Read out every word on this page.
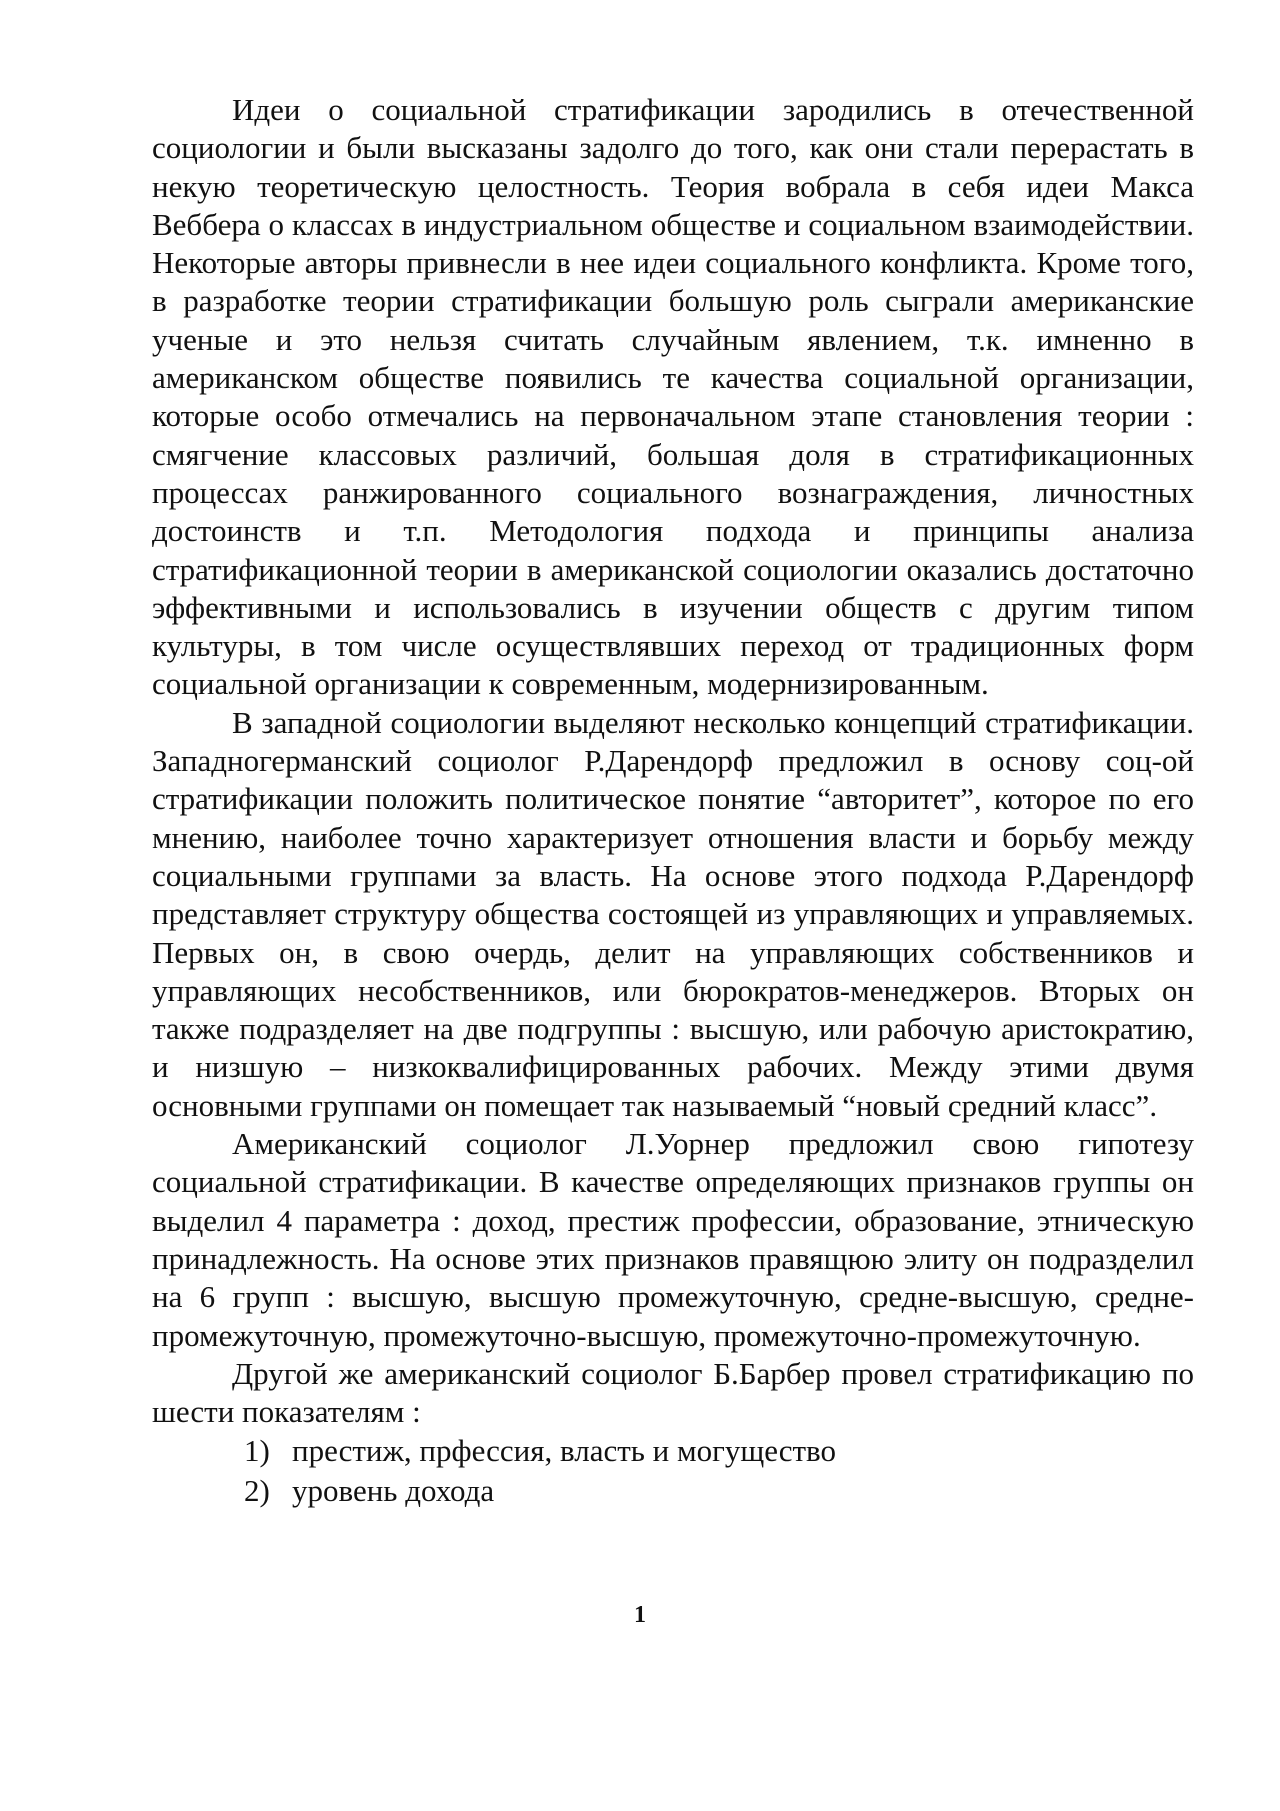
Идеи о социальной стратификации зародились в отечественной социологии и были высказаны задолго до того, как они стали перерастать в некую теоретическую целостность. Теория вобрала в себя идеи Макса Веббера о классах в индустриальном обществе и социальном взаимодействии. Некоторые авторы привнесли в нее идеи социального конфликта. Кроме того, в разработке теории стратификации большую роль сыграли американские ученые и это нельзя считать случайным явлением, т.к. имненно в американском обществе появились те качества социальной организации, которые особо отмечались на первоначальном этапе становления теории : смягчение классовых различий, большая доля в стратификационных процессах ранжированного социального вознаграждения, личностных достоинств и т.п. Методология подхода и принципы анализа стратификационной теории в американской социологии оказались достаточно эффективными и использовались в изучении обществ с другим типом культуры, в том числе осуществлявших переход от традиционных форм социальной организации к современным, модернизированным.

В западной социологии выделяют несколько концепций стратификации. Западногерманский социолог Р.Дарендорф предложил в основу соц-ой стратификации положить политическое понятие “авторитет”, которое по его мнению, наиболее точно характеризует отношения власти и борьбу между социальными группами за власть. На основе этого подхода Р.Дарендорф представляет структуру общества состоящей из управляющих и управляемых. Первых он, в свою очердь, делит на управляющих собственников и управляющих несобственников, или бюрократов-менеджеров. Вторых он также подразделяет на две подгруппы : высшую, или рабочую аристократию, и низшую – низкоквалифицированных рабочих. Между этими двумя основными группами он помещает так называемый “новый средний класс”.

Американский социолог Л.Уорнер предложил свою гипотезу социальной стратификации. В качестве определяющих признаков группы он выделил 4 параметра : доход, престиж профессии, образование, этническую принадлежность. На основе этих признаков правящюю элиту он подразделил на 6 групп : высшую, высшую промежуточную, средне-высшую, средне-промежуточную, промежуточно-высшую, промежуточно-промежуточную.

Другой же американский социолог Б.Барбер провел стратификацию по шести показателям :

1) престиж, прфессия, власть и могущество
2) уровень дохода
1
